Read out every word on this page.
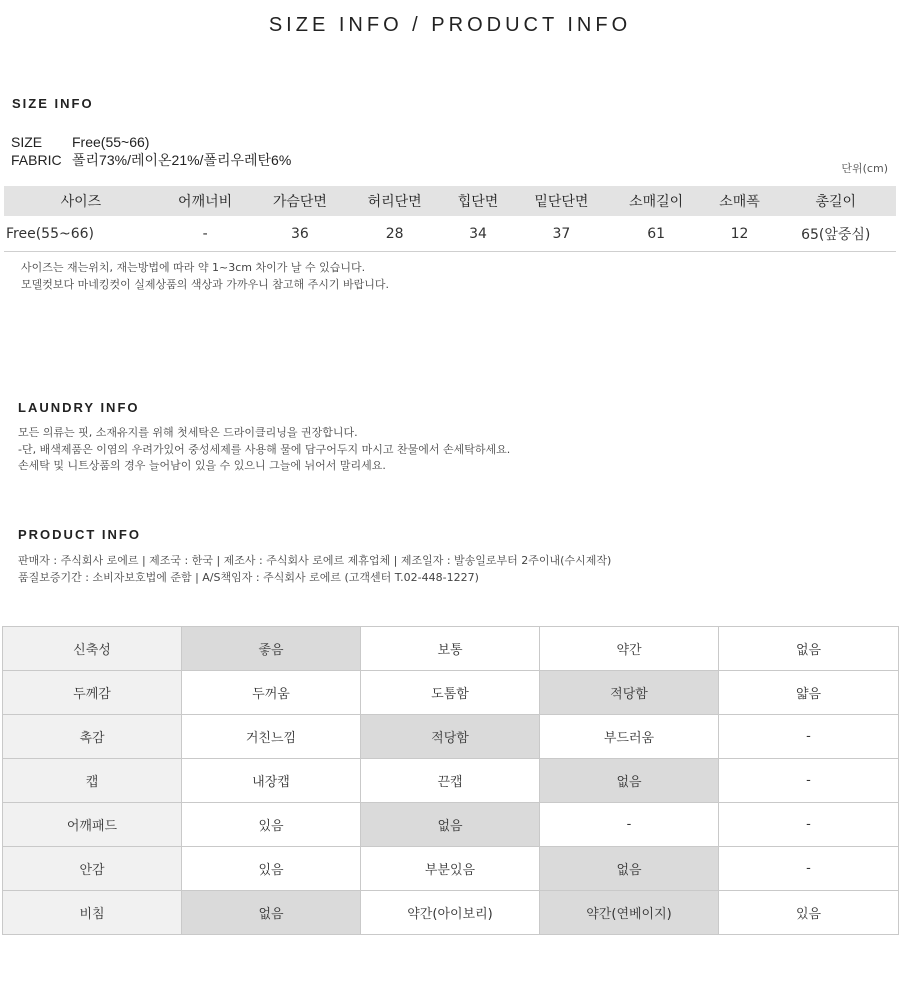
SIZE INFO / PRODUCT INFO
SIZE INFO
SIZE Free(55~66)
FABRIC 폴리73%/레이온21%/폴리우레탄6%
단위(cm)
사이즈	어깨너비	가슴단면	허리단면	힙단면	밑단단면	소매길이	소매폭	총길이
Free(55~66)	-	36	28	34	37	61	12	65(앞중심)
사이즈는 재는위치, 재는방법에 따라 약 1~3cm 차이가 날 수 있습니다.
모델컷보다 마네킹컷이 실제상품의 색상과 가까우니 참고해 주시기 바랍니다.
LAUNDRY INFO
모든 의류는 핏, 소재유지를 위해 첫세탁은 드라이클리닝을 권장합니다.
-단, 배색제품은 이염의 우려가있어 중성세제를 사용해 물에 담구어두지 마시고 찬물에서 손세탁하세요.
손세탁 및 니트상품의 경우 늘어남이 있을 수 있으니 그늘에 뉘어서 말리세요.
PRODUCT INFO
판매자 : 주식회사 로에르 | 제조국 : 한국 | 제조사 : 주식회사 로에르 제휴업체 | 제조일자 : 발송일로부터 2주이내(수시제작)
품질보증기간 : 소비자보호법에 준함 | A/S책임자 : 주식회사 로에르 (고객센터 T.02-448-1227)
신축성	좋음	보통	약간	없음
두께감	두꺼움	도톰함	적당함	얇음
촉감	거친느낌	적당함	부드러움	-
캡	내장캡	끈캡	없음	-
어깨패드	있음	없음	-	-
안감	있음	부분있음	없음	-
비침	없음	약간(아이보리)	약간(연베이지)	있음
